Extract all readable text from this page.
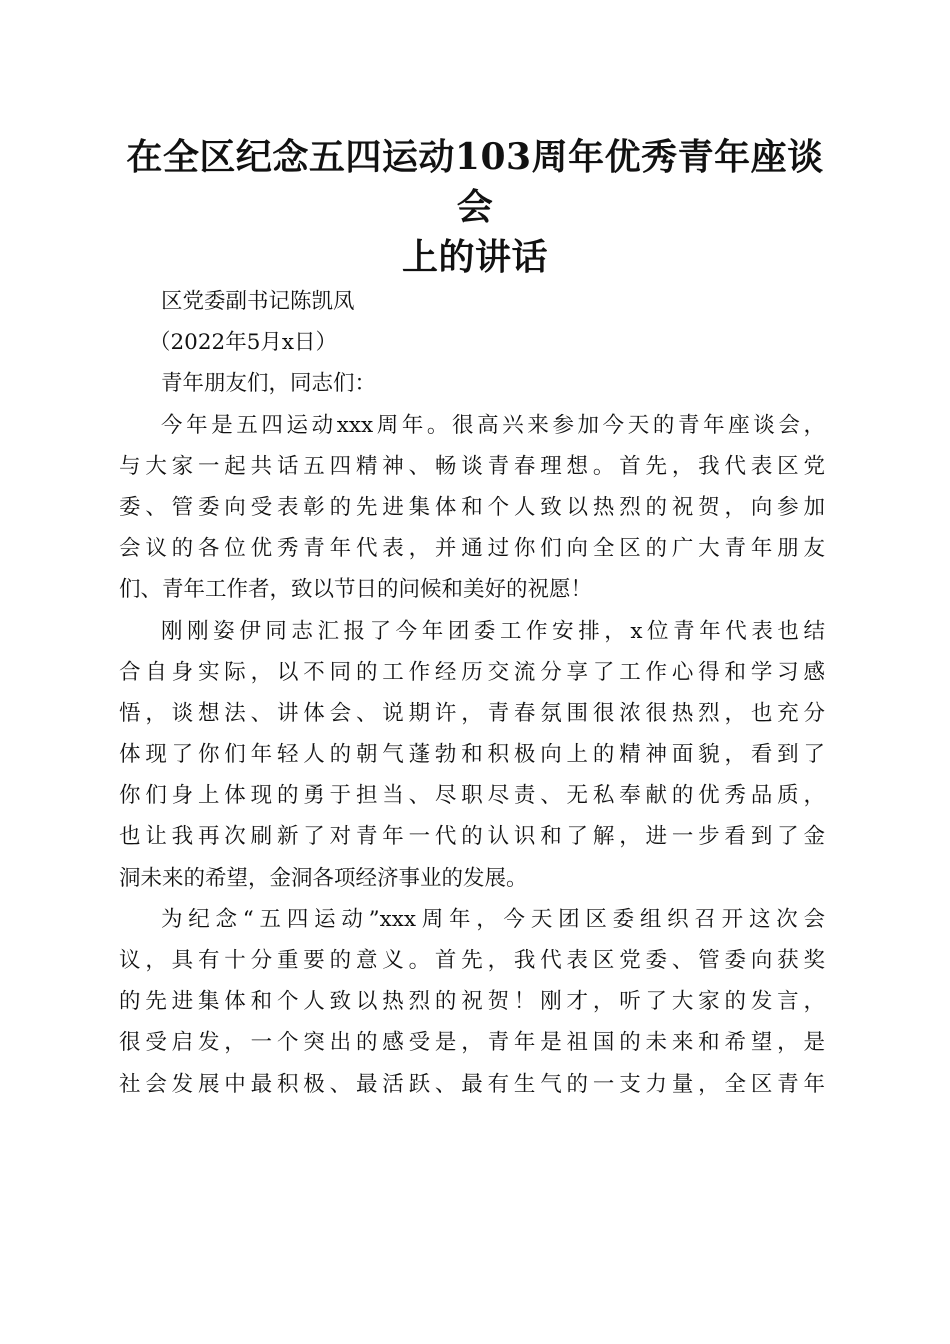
在全区纪念五四运动103周年优秀青年座谈会
上的讲话

区党委副书记陈凯凤

（2022年5月x日）

青年朋友们，同志们：

今年是五四运动xxx周年。很高兴来参加今天的青年座谈会，

与大家一起共话五四精神、畅谈青春理想。首先，我代表区党

委、管委向受表彰的先进集体和个人致以热烈的祝贺，向参加

会议的各位优秀青年代表，并通过你们向全区的广大青年朋友

们、青年工作者，致以节日的问候和美好的祝愿！

刚刚姿伊同志汇报了今年团委工作安排，x位青年代表也结

合自身实际，以不同的工作经历交流分享了工作心得和学习感

悟，谈想法、讲体会、说期许，青春氛围很浓很热烈，也充分

体现了你们年轻人的朝气蓬勃和积极向上的精神面貌，看到了

你们身上体现的勇于担当、尽职尽责、无私奉献的优秀品质，

也让我再次刷新了对青年一代的认识和了解，进一步看到了金

洞未来的希望，金洞各项经济事业的发展。

为纪念“五四运动”xxx周年，今天团区委组织召开这次会

议，具有十分重要的意义。首先，我代表区党委、管委向获奖

的先进集体和个人致以热烈的祝贺！刚才，听了大家的发言，

很受启发，一个突出的感受是，青年是祖国的未来和希望，是

社会发展中最积极、最活跃、最有生气的一支力量，全区青年
